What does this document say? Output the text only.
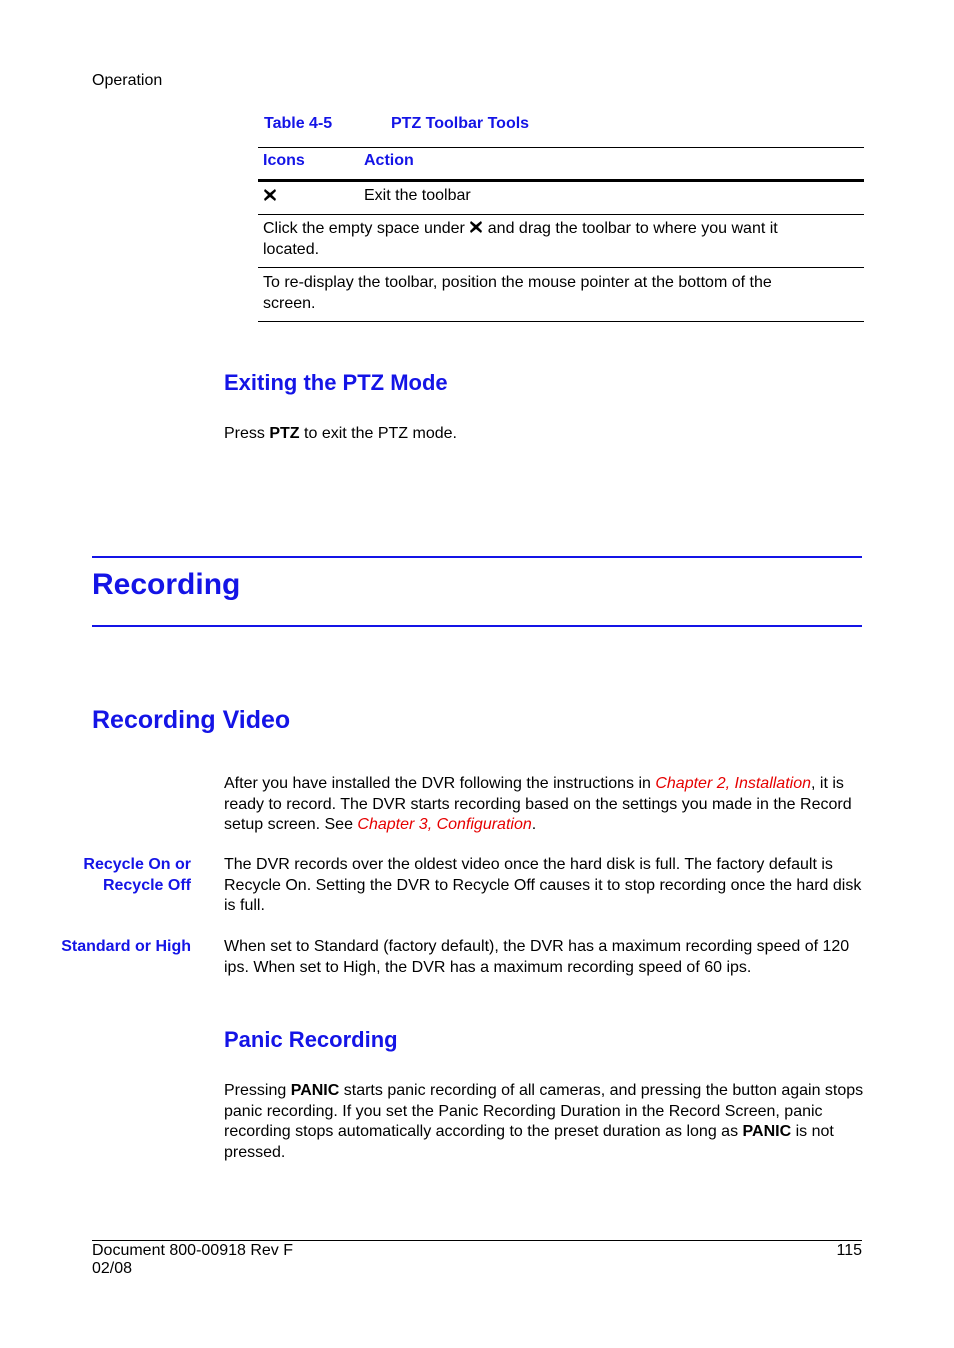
Operation
Table 4-5	PTZ Toolbar Tools
Icons	Action
Exit the toolbar
Click the empty space under and drag the toolbar to where you want it located.
To re-display the toolbar, position the mouse pointer at the bottom of the screen.
Exiting the PTZ Mode
Press PTZ to exit the PTZ mode.
Recording
Recording Video
After you have installed the DVR following the instructions in Chapter 2, Installation, it is ready to record. The DVR starts recording based on the settings you made in the Record setup screen. See Chapter 3, Configuration.
Recycle On or Recycle Off
The DVR records over the oldest video once the hard disk is full. The factory default is Recycle On. Setting the DVR to Recycle Off causes it to stop recording once the hard disk is full.
Standard or High When set to Standard (factory default), the DVR has a maximum recording speed of 120 ips. When set to High, the DVR has a maximum recording speed of 60 ips.
Panic Recording
Pressing PANIC starts panic recording of all cameras, and pressing the button again stops panic recording. If you set the Panic Recording Duration in the Record Screen, panic recording stops automatically according to the preset duration as long as PANIC is not pressed.
Document 800-00918 Rev F
02/08
115
